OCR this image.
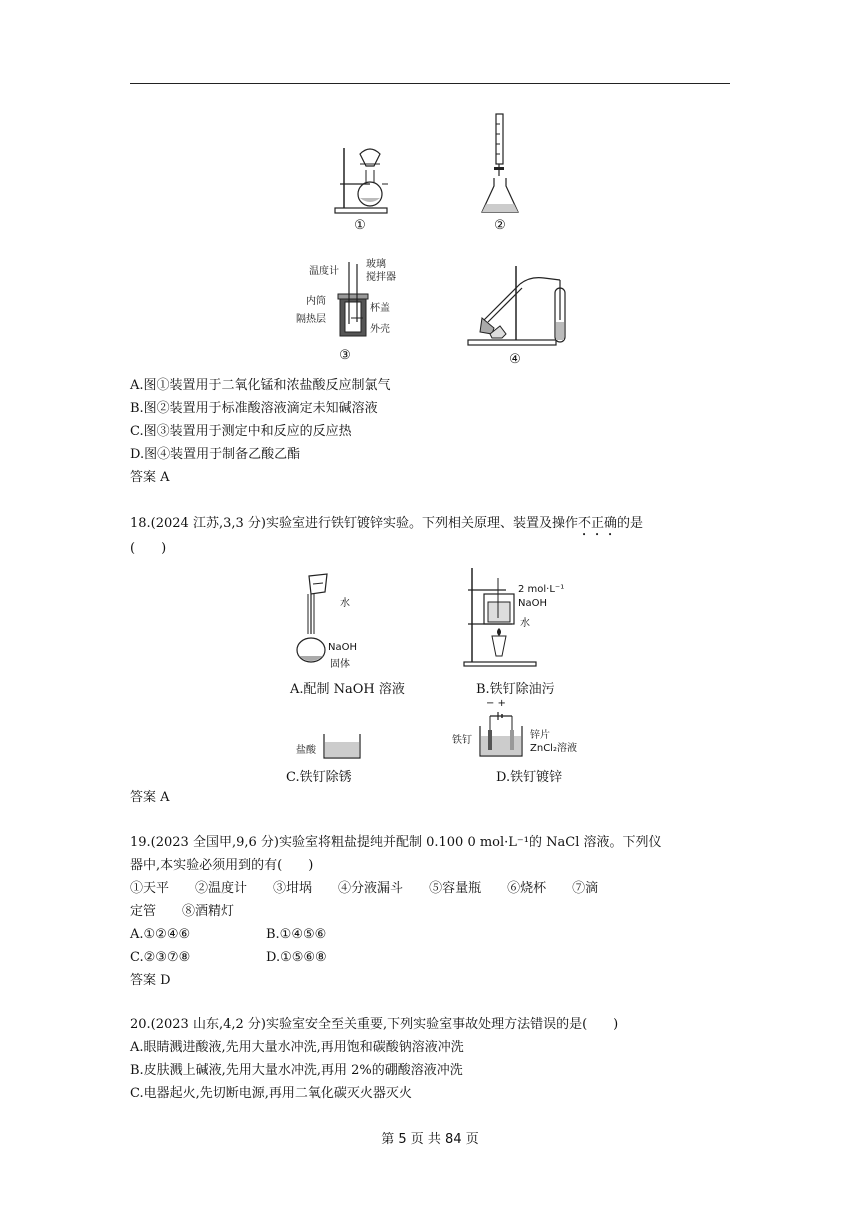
①	②
温度计
玻璃
搅拌器
内筒
杯盖
隔热层
外壳
③	④
A.图①装置用于二氧化锰和浓盐酸反应制氯气
B.图②装置用于标准酸溶液滴定未知碱溶液
C.图③装置用于测定中和反应的反应热
D.图④装置用于制备乙酸乙酯
答案 A
18.(2024 江苏,3,3 分)实验室进行铁钉镀锌实验。下列相关原理、装置及操作不正确的是
(　　)
水
NaOH
固体
A.配制 NaOH 溶液
2 mol·L⁻¹
NaOH
水
B.铁钉除油污
盐酸
C.铁钉除锈
− +
铁钉	锌片
ZnCl₂溶液
D.铁钉镀锌
答案 A
19.(2023 全国甲,9,6 分)实验室将粗盐提纯并配制 0.100 0 mol·L⁻¹的 NaCl 溶液。下列仪
器中,本实验必须用到的有(　　)
①天平 ②温度计 ③坩埚 ④分液漏斗 ⑤容量瓶 ⑥烧杯 ⑦滴
定管　　⑧酒精灯
A.①②④⑥	B.①④⑤⑥
C.②③⑦⑧	D.①⑤⑥⑧
答案 D
20.(2023 山东,4,2 分)实验室安全至关重要,下列实验室事故处理方法错误的是(　　)
A.眼睛溅进酸液,先用大量水冲洗,再用饱和碳酸钠溶液冲洗
B.皮肤溅上碱液,先用大量水冲洗,再用 2%的硼酸溶液冲洗
C.电器起火,先切断电源,再用二氧化碳灭火器灭火
第 5 页 共 84 页
